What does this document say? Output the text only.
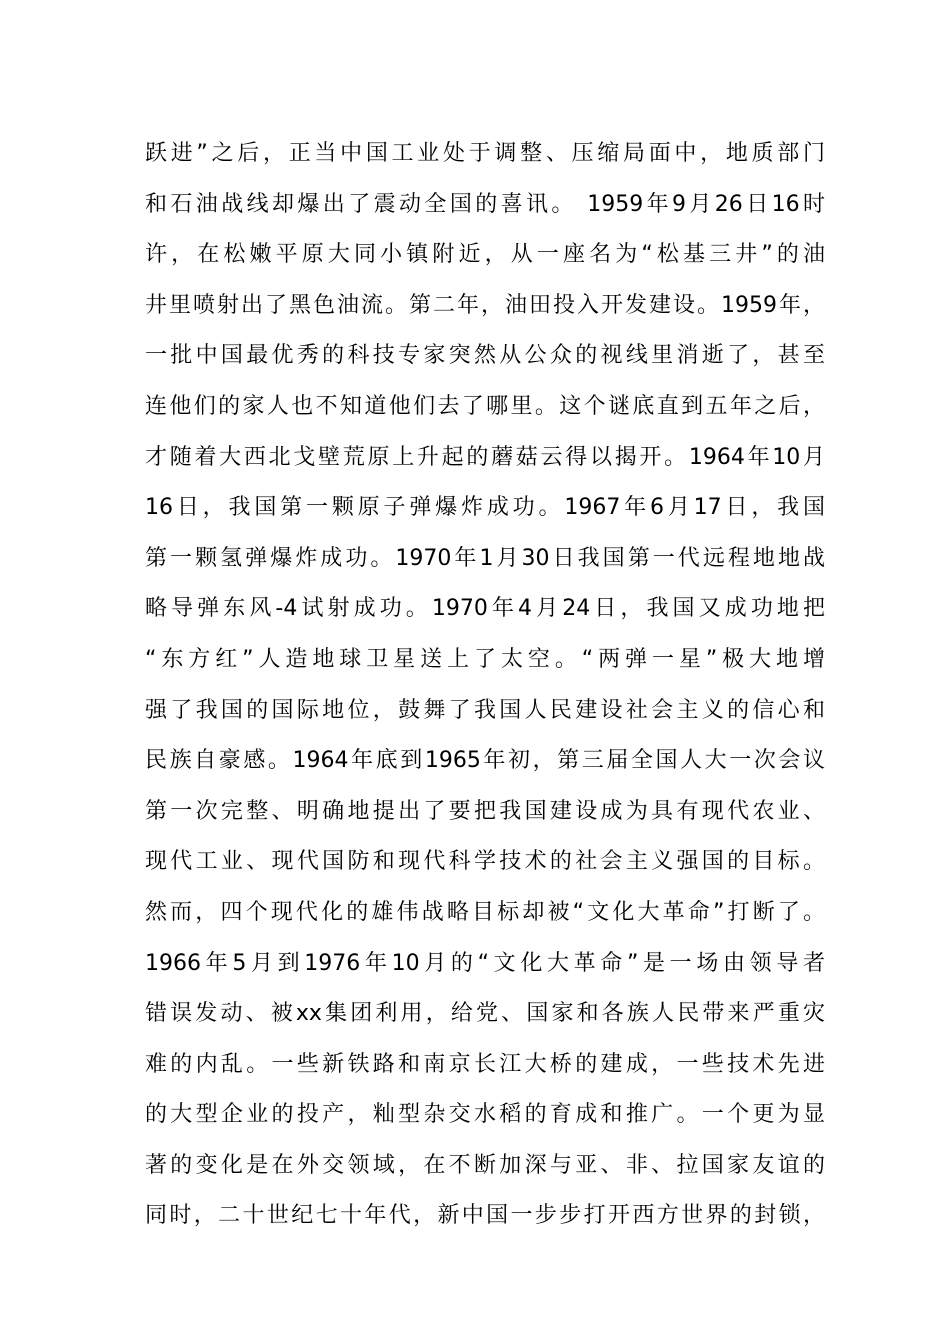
跃进”之后，正当中国工业处于调整、压缩局面中，地质部门
和石油战线却爆出了震动全国的喜讯。 1959年9月26日16时
许，在松嫩平原大同小镇附近，从一座名为“松基三井”的油
井里喷射出了黑色油流。第二年，油田投入开发建设。1959年，
一批中国最优秀的科技专家突然从公众的视线里消逝了，甚至
连他们的家人也不知道他们去了哪里。这个谜底直到五年之后，
才随着大西北戈壁荒原上升起的蘑菇云得以揭开。1964年10月
16日，我国第一颗原子弹爆炸成功。1967年6月17日，我国
第一颗氢弹爆炸成功。1970年1月30日我国第一代远程地地战
略导弹东风-4试射成功。1970年4月24日，我国又成功地把
“东方红”人造地球卫星送上了太空。“两弹一星”极大地增
强了我国的国际地位，鼓舞了我国人民建设社会主义的信心和
民族自豪感。1964年底到1965年初，第三届全国人大一次会议
第一次完整、明确地提出了要把我国建设成为具有现代农业、
现代工业、现代国防和现代科学技术的社会主义强国的目标。
然而，四个现代化的雄伟战略目标却被“文化大革命”打断了。
1966年5月到1976年10月的“文化大革命”是一场由领导者
错误发动、被xx集团利用，给党、国家和各族人民带来严重灾
难的内乱。一些新铁路和南京长江大桥的建成，一些技术先进
的大型企业的投产，籼型杂交水稻的育成和推广。一个更为显
著的变化是在外交领域，在不断加深与亚、非、拉国家友谊的
同时，二十世纪七十年代，新中国一步步打开西方世界的封锁，
